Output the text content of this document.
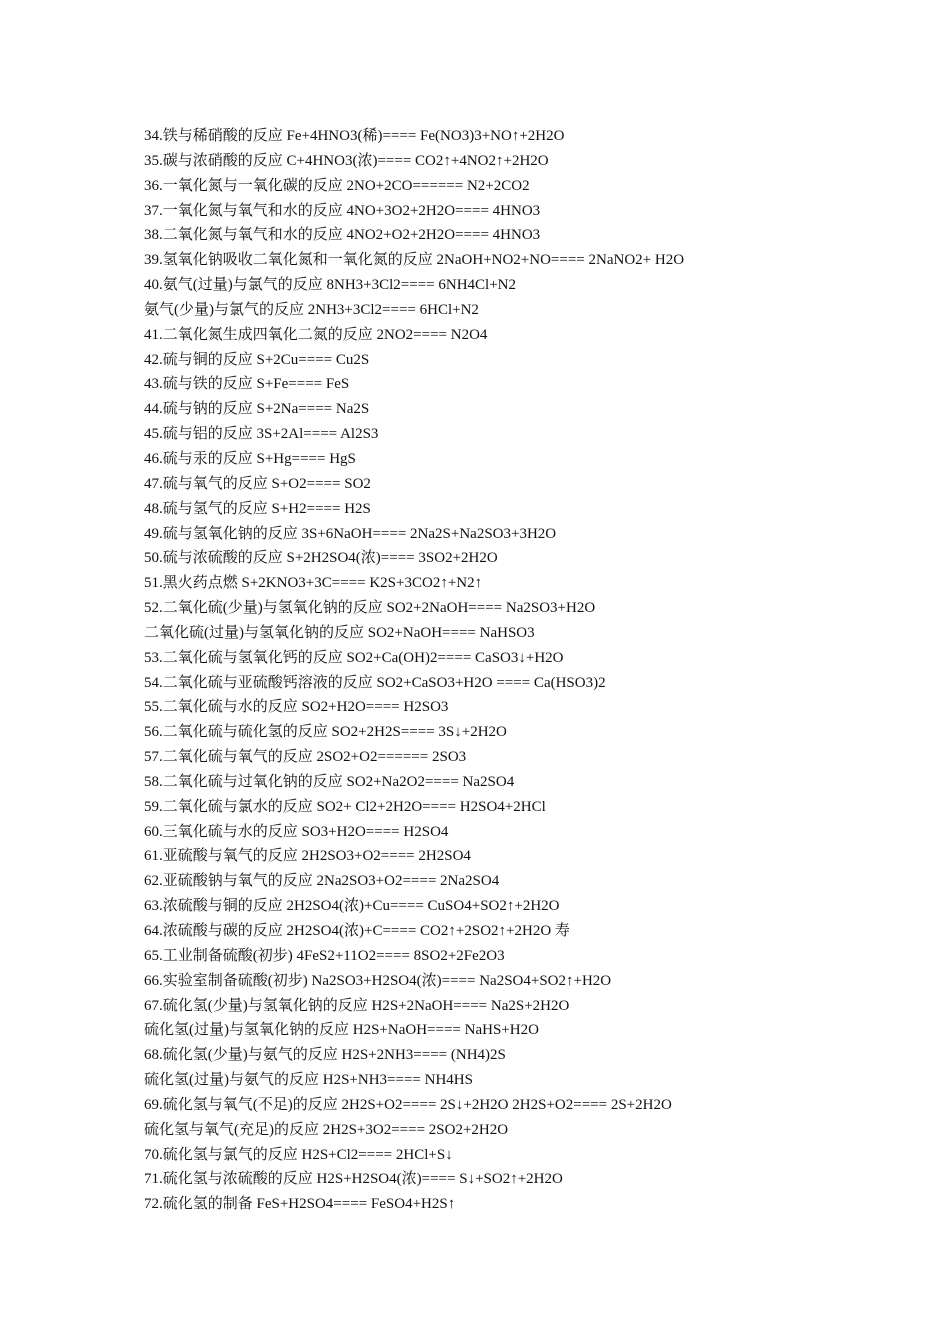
34.铁与稀硝酸的反应 Fe+4HNO3(稀)==== Fe(NO3)3+NO↑+2H2O
35.碳与浓硝酸的反应 C+4HNO3(浓)==== CO2↑+4NO2↑+2H2O
36.一氧化氮与一氧化碳的反应 2NO+2CO====== N2+2CO2
37.一氧化氮与氧气和水的反应 4NO+3O2+2H2O==== 4HNO3
38.二氧化氮与氧气和水的反应 4NO2+O2+2H2O==== 4HNO3
39.氢氧化钠吸收二氧化氮和一氧化氮的反应 2NaOH+NO2+NO==== 2NaNO2+ H2O
40.氨气(过量)与氯气的反应 8NH3+3Cl2==== 6NH4Cl+N2
氨气(少量)与氯气的反应 2NH3+3Cl2==== 6HCl+N2
41.二氧化氮生成四氧化二氮的反应 2NO2==== N2O4
42.硫与铜的反应 S+2Cu==== Cu2S
43.硫与铁的反应 S+Fe==== FeS
44.硫与钠的反应 S+2Na==== Na2S
45.硫与铝的反应 3S+2Al==== Al2S3
46.硫与汞的反应 S+Hg==== HgS
47.硫与氧气的反应 S+O2==== SO2
48.硫与氢气的反应 S+H2==== H2S
49.硫与氢氧化钠的反应 3S+6NaOH==== 2Na2S+Na2SO3+3H2O
50.硫与浓硫酸的反应 S+2H2SO4(浓)==== 3SO2+2H2O
51.黑火药点燃 S+2KNO3+3C==== K2S+3CO2↑+N2↑
52.二氧化硫(少量)与氢氧化钠的反应 SO2+2NaOH==== Na2SO3+H2O
二氧化硫(过量)与氢氧化钠的反应 SO2+NaOH==== NaHSO3
53.二氧化硫与氢氧化钙的反应 SO2+Ca(OH)2==== CaSO3↓+H2O
54.二氧化硫与亚硫酸钙溶液的反应 SO2+CaSO3+H2O ==== Ca(HSO3)2
55.二氧化硫与水的反应 SO2+H2O==== H2SO3
56.二氧化硫与硫化氢的反应 SO2+2H2S==== 3S↓+2H2O
57.二氧化硫与氧气的反应 2SO2+O2====== 2SO3
58.二氧化硫与过氧化钠的反应 SO2+Na2O2==== Na2SO4
59.二氧化硫与氯水的反应 SO2+ Cl2+2H2O==== H2SO4+2HCl
60.三氧化硫与水的反应 SO3+H2O==== H2SO4
61.亚硫酸与氧气的反应 2H2SO3+O2==== 2H2SO4
62.亚硫酸钠与氧气的反应 2Na2SO3+O2==== 2Na2SO4
63.浓硫酸与铜的反应 2H2SO4(浓)+Cu==== CuSO4+SO2↑+2H2O
64.浓硫酸与碳的反应 2H2SO4(浓)+C==== CO2↑+2SO2↑+2H2O 寿
65.工业制备硫酸(初步) 4FeS2+11O2==== 8SO2+2Fe2O3
66.实验室制备硫酸(初步) Na2SO3+H2SO4(浓)==== Na2SO4+SO2↑+H2O
67.硫化氢(少量)与氢氧化钠的反应 H2S+2NaOH==== Na2S+2H2O
硫化氢(过量)与氢氧化钠的反应 H2S+NaOH==== NaHS+H2O
68.硫化氢(少量)与氨气的反应 H2S+2NH3==== (NH4)2S
硫化氢(过量)与氨气的反应 H2S+NH3==== NH4HS
69.硫化氢与氧气(不足)的反应 2H2S+O2==== 2S↓+2H2O 2H2S+O2==== 2S+2H2O
硫化氢与氧气(充足)的反应 2H2S+3O2==== 2SO2+2H2O
70.硫化氢与氯气的反应 H2S+Cl2==== 2HCl+S↓
71.硫化氢与浓硫酸的反应 H2S+H2SO4(浓)==== S↓+SO2↑+2H2O
72.硫化氢的制备 FeS+H2SO4==== FeSO4+H2S↑
